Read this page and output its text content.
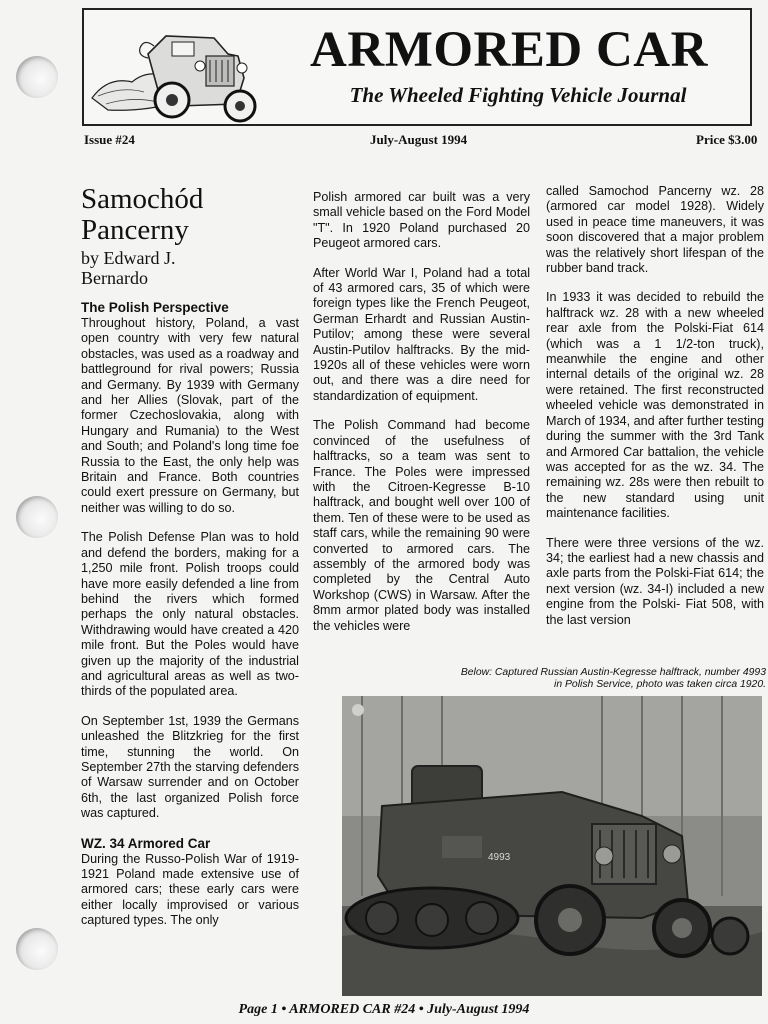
ARMORED CAR
The Wheeled Fighting Vehicle Journal
Issue #24	July-August 1994	Price $3.00
Samochód
Pancerny
by Edward J.
Bernardo
The Polish Perspective

Throughout history, Poland, a vast open country with very few natural obstacles, was used as a roadway and battleground for rival powers; Russia and Germany. By 1939 with Germany and her Allies (Slovak, part of the former Czechoslovakia, along with Hungary and Rumania) to the West and South; and Poland's long time foe Russia to the East, the only help was Britain and France. Both countries could exert pressure on Germany, but neither was willing to do so.

The Polish Defense Plan was to hold and defend the borders, making for a 1,250 mile front. Polish troops could have more easily defended a line from behind the rivers which formed perhaps the only natural obstacles. Withdrawing would have created a 420 mile front. But the Poles would have given up the majority of the industrial and agricultural areas as well as two-thirds of the populated area.

On September 1st, 1939 the Germans unleashed the Blitzkrieg for the first time, stunning the world. On September 27th the starving defenders of Warsaw surrender and on October 6th, the last organized Polish force was captured.

WZ. 34 Armored Car

During the Russo-Polish War of 1919-1921 Poland made extensive use of armored cars; these early cars were either locally improvised or various captured types. The only

Polish armored car built was a very small vehicle based on the Ford Model "T". In 1920 Poland purchased 20 Peugeot armored cars.

After World War I, Poland had a total of 43 armored cars, 35 of which were foreign types like the French Peugeot, German Erhardt and Russian Austin-Putilov; among these were several Austin-Putilov halftracks. By the mid-1920s all of these vehicles were worn out, and there was a dire need for standardization of equipment.

The Polish Command had become convinced of the usefulness of halftracks, so a team was sent to France. The Poles were impressed with the Citroen-Kegresse B-10 halftrack, and bought well over 100 of them. Ten of these were to be used as staff cars, while the remaining 90 were converted to armored cars. The assembly of the armored body was completed by the Central Auto Workshop (CWS) in Warsaw. After the 8mm armor plated body was installed the vehicles were

called Samochod Pancerny wz. 28 (armored car model 1928). Widely used in peace time maneuvers, it was soon discovered that a major problem was the relatively short lifespan of the rubber band track.

In 1933 it was decided to rebuild the halftrack wz. 28 with a new wheeled rear axle from the Polski-Fiat 614 (which was a 1 1/2-ton truck), meanwhile the engine and other internal details of the original wz. 28 were retained. The first reconstructed wheeled vehicle was demonstrated in March of 1934, and after further testing during the summer with the 3rd Tank and Armored Car battalion, the vehicle was accepted for as the wz. 34. The remaining wz. 28s were then rebuilt to the new standard using unit maintenance facilities.

There were three versions of the wz. 34; the earliest had a new chassis and axle parts from the Polski-Fiat 614; the next version (wz. 34-I) included a new engine from the Polski- Fiat 508, with the last version

Below: Captured Russian Austin-Kegresse halftrack, number 4993
in Polish Service, photo was taken circa 1920.
4993
Page 1 • ARMORED CAR #24 • July-August 1994
